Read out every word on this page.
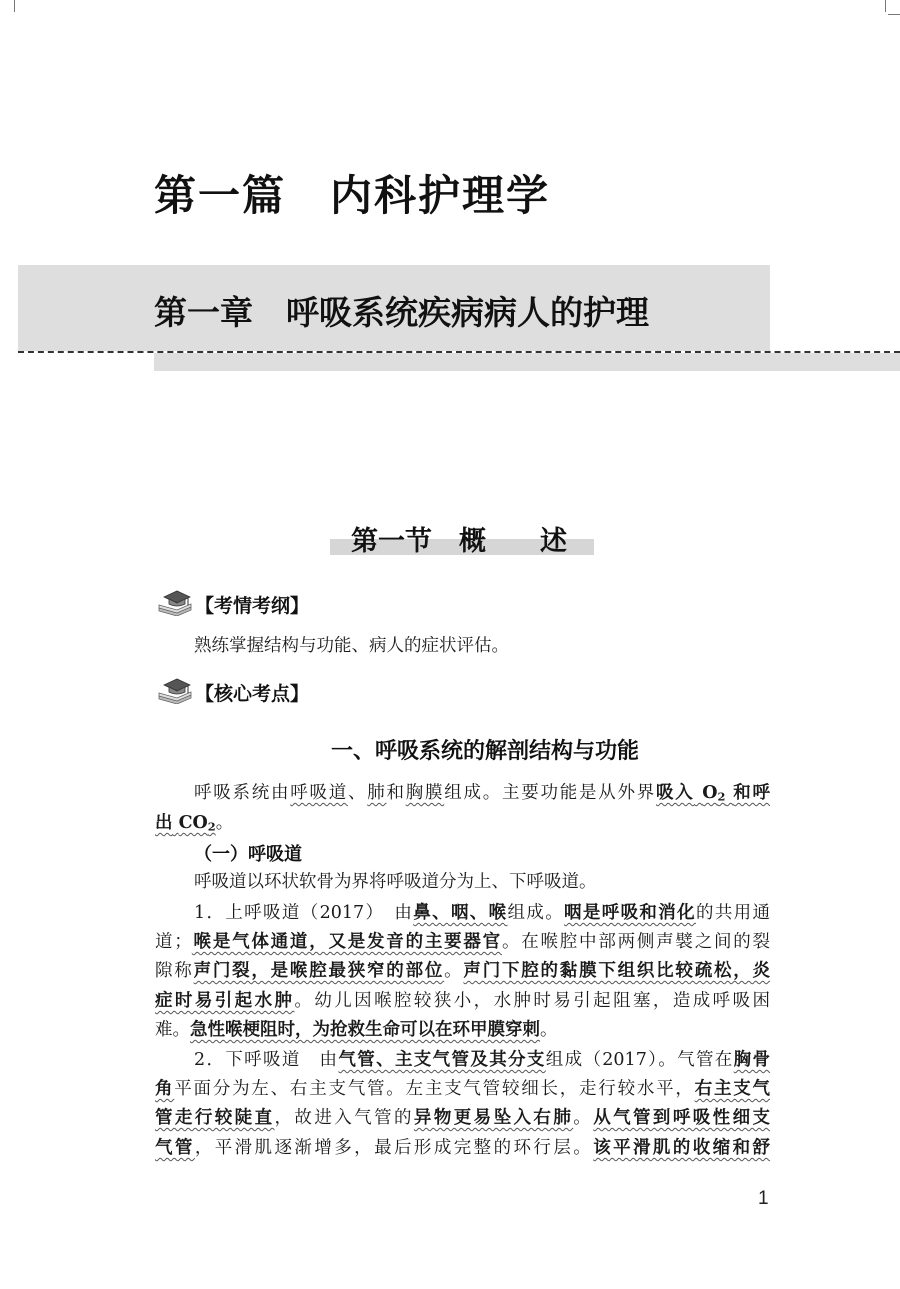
第一篇　内科护理学
第一章　呼吸系统疾病病人的护理
第一节　概　　述
【考情考纲】
熟练掌握结构与功能、病人的症状评估。
【核心考点】
一、呼吸系统的解剖结构与功能
呼吸系统由呼吸道、肺和胸膜组成。主要功能是从外界吸入 O2 和呼
出 CO2。
（一）呼吸道
呼吸道以环状软骨为界将呼吸道分为上、下呼吸道。
1．上呼吸道（2017）　由鼻、咽、喉组成。咽是呼吸和消化的共用通
道；喉是气体通道，又是发音的主要器官。在喉腔中部两侧声襞之间的裂
隙称声门裂，是喉腔最狭窄的部位。声门下腔的黏膜下组织比较疏松，炎
症时易引起水肿。幼儿因喉腔较狭小，水肿时易引起阻塞，造成呼吸困
难。急性喉梗阻时，为抢救生命可以在环甲膜穿刺。
2．下呼吸道　由气管、主支气管及其分支组成（2017）。气管在胸骨
角平面分为左、右主支气管。左主支气管较细长，走行较水平，右主支气
管走行较陡直，故进入气管的异物更易坠入右肺。从气管到呼吸性细支
气管，平滑肌逐渐增多，最后形成完整的环行层。该平滑肌的收缩和舒
1
